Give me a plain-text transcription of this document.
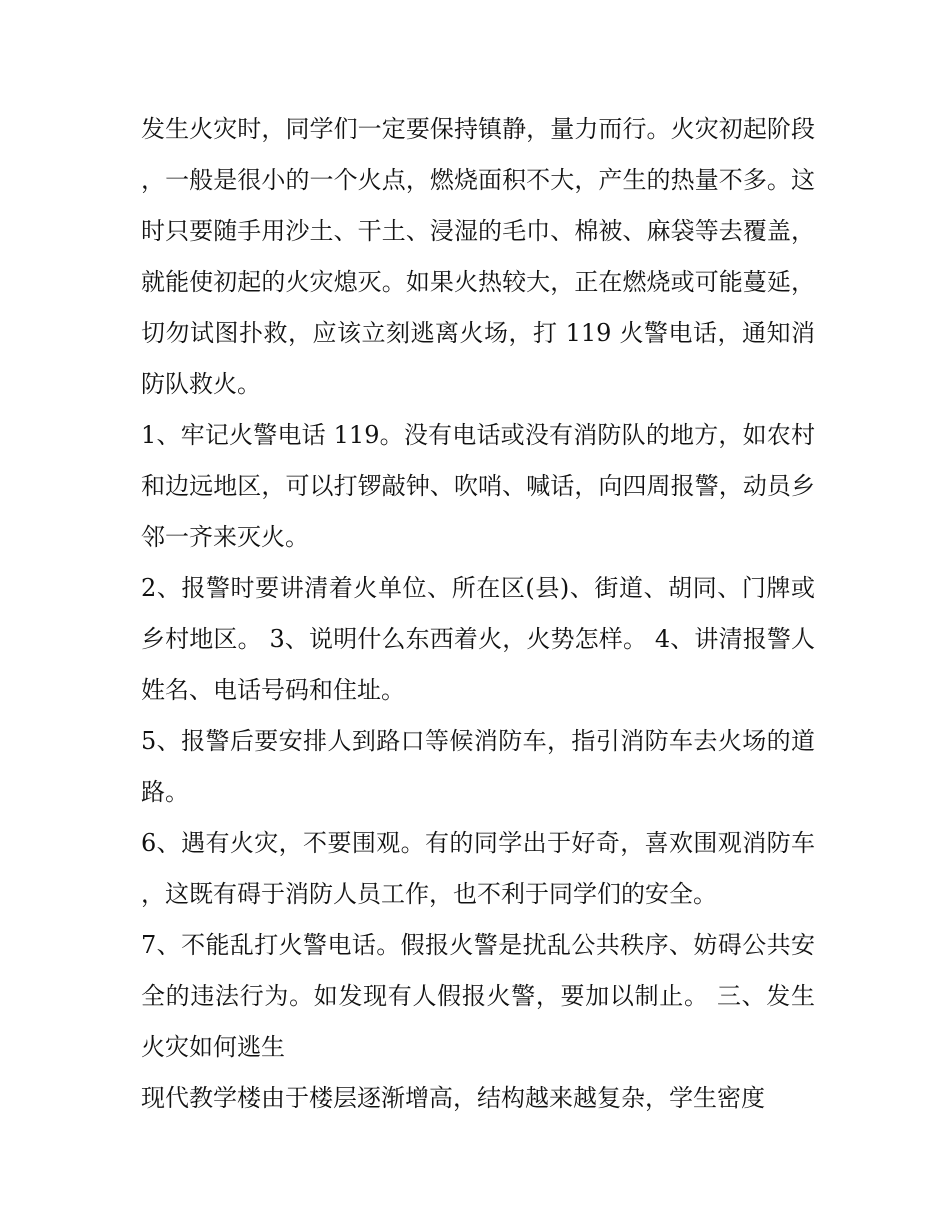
发生火灾时，同学们一定要保持镇静，量力而行。火灾初起阶段，一般是很小的一个火点，燃烧面积不大，产生的热量不多。这时只要随手用沙土、干土、浸湿的毛巾、棉被、麻袋等去覆盖，就能使初起的火灾熄灭。如果火热较大，正在燃烧或可能蔓延，切勿试图扑救，应该立刻逃离火场，打 119 火警电话，通知消防队救火。

1、牢记火警电话 119。没有电话或没有消防队的地方，如农村和边远地区，可以打锣敲钟、吹哨、喊话，向四周报警，动员乡邻一齐来灭火。

2、报警时要讲清着火单位、所在区(县)、街道、胡同、门牌或乡村地区。 3、说明什么东西着火，火势怎样。 4、讲清报警人姓名、电话号码和住址。

5、报警后要安排人到路口等候消防车，指引消防车去火场的道路。

6、遇有火灾，不要围观。有的同学出于好奇，喜欢围观消防车，这既有碍于消防人员工作，也不利于同学们的安全。

7、不能乱打火警电话。假报火警是扰乱公共秩序、妨碍公共安全的违法行为。如发现有人假报火警，要加以制止。 三、发生火灾如何逃生

现代教学楼由于楼层逐渐增高，结构越来越复杂，学生密度
